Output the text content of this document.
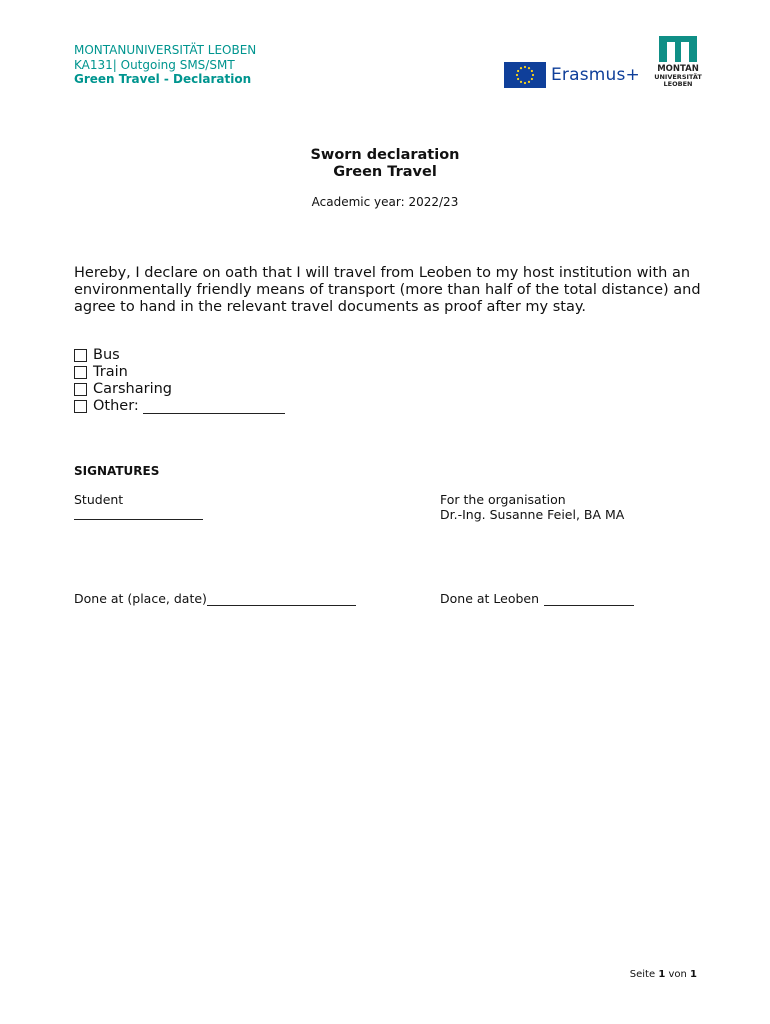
MONTANUNIVERSITÄT LEOBEN
KA131| Outgoing SMS/SMT
Green Travel - Declaration	Erasmus+	MONTAN
UNIVERSITÄT
LEOBEN
Sworn declaration
Green Travel
Academic year: 2022/23
Hereby, I declare on oath that I will travel from Leoben to my host institution with an environmentally friendly means of transport (more than half of the total distance) and agree to hand in the relevant travel documents as proof after my stay.
Bus
Train
Carsharing
Other:
SIGNATURES
Student	For the organisation
Dr.-Ing. Susanne Feiel, BA MA
Done at (place, date)	Done at Leoben
Seite 1 von 1
